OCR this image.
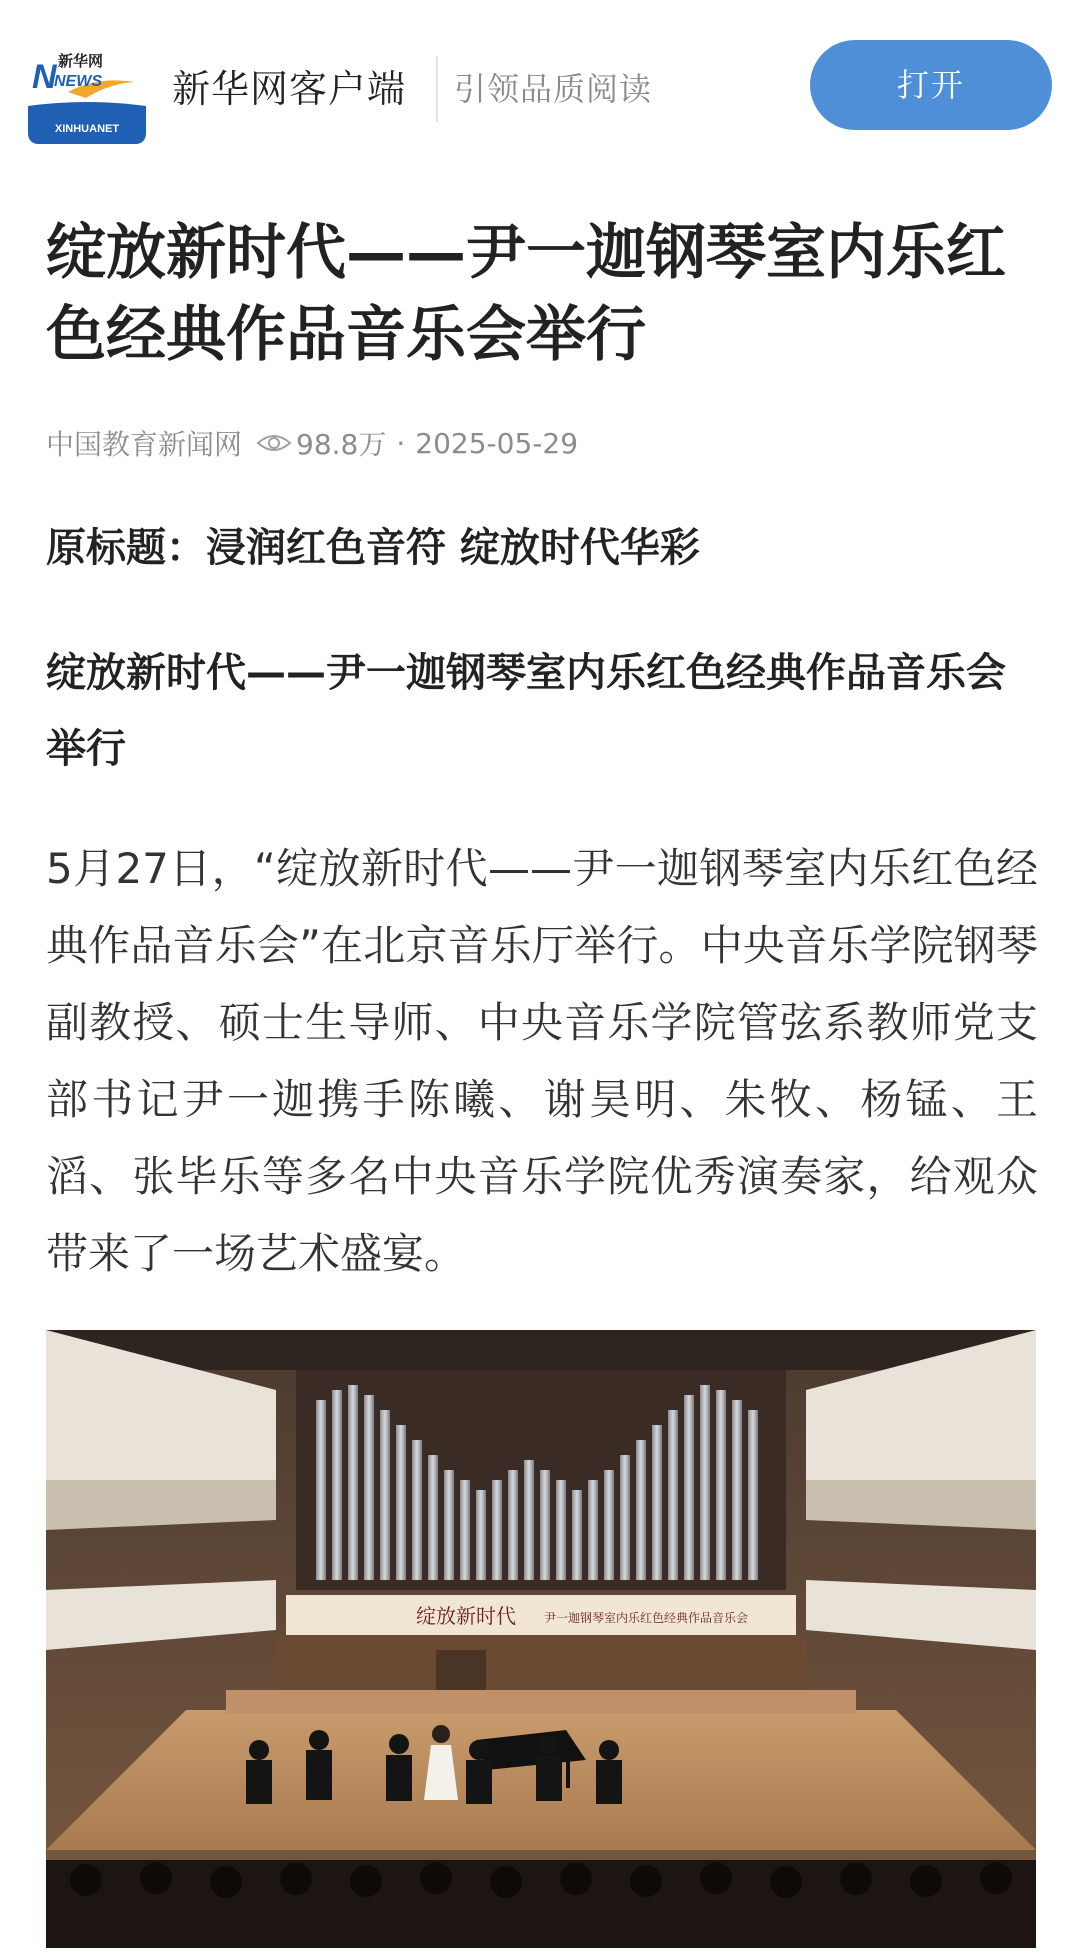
N
NEWS
新华网
XINHUANET
新华网客户端 引领品质阅读	打开
绽放新时代——尹一迦钢琴室内乐红色经典作品音乐会举行
中国教育新闻网 98.8万 · 2025-05-29
原标题：浸润红色音符 绽放时代华彩
绽放新时代——尹一迦钢琴室内乐红色经典作品音乐会举行

5月27日，“绽放新时代——尹一迦钢琴室内乐红色经典作品音乐会”在北京音乐厅举行。中央音乐学院钢琴副教授、硕士生导师、中央音乐学院管弦系教师党支部书记尹一迦携手陈曦、谢昊明、朱牧、杨锰、王滔、张毕乐等多名中央音乐学院优秀演奏家，给观众带来了一场艺术盛宴。

绽放新时代 尹一迦钢琴室内乐红色经典作品音乐会
